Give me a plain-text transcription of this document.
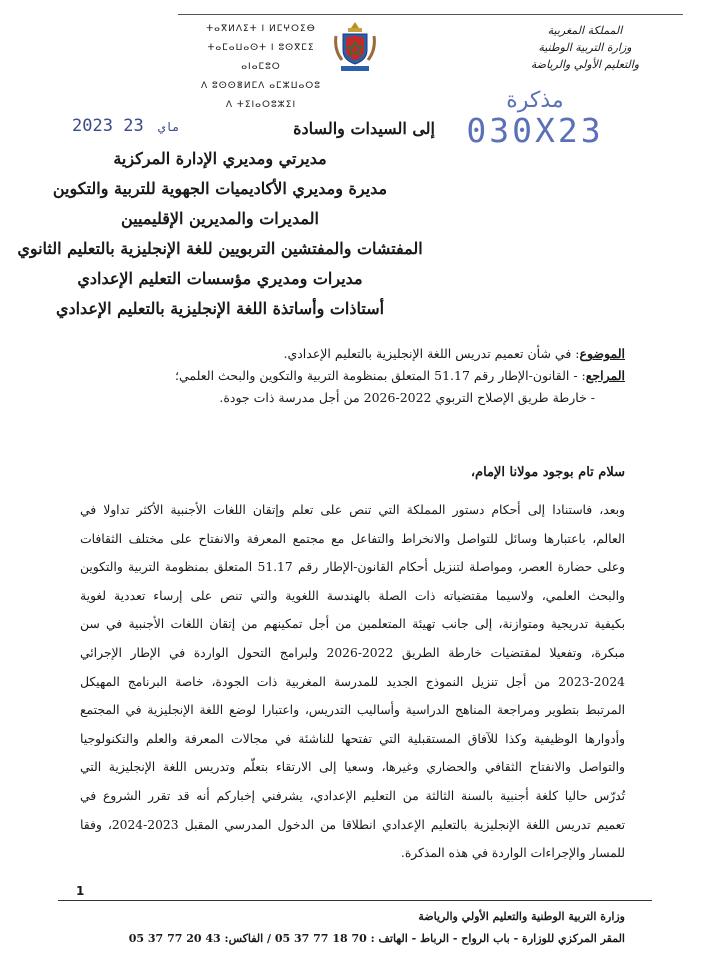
ⵜⴰⴳⵍⴷⵉⵜ ⵏ ⵍⵎⵖⵔⵉⴱ
ⵜⴰⵎⴰⵡⴰⵙⵜ ⵏ ⵓⵙⴳⵎⵉ ⴰⵏⴰⵎⵓⵔ
ⴷ ⵓⵙⵙⴻⵍⵎⴷ ⴰⵎⵣⵡⴰⵔⵓ ⴷ ⵜⵉⵏⴰⵔⵓⵣⵉⵏ
المملكة المغربية
وزارة التربية الوطنية
والتعليم الأولي والرياضة
2023	ماي 23
مذكرة
030X23
إلى السيدات والسادة
مديرتي ومديري الإدارة المركزية
مديرة ومديري الأكاديميات الجهوية للتربية والتكوين
المديرات والمديرين الإقليميين
المفتشات والمفتشين التربويين للغة الإنجليزية بالتعليم الثانوي
مديرات ومديري مؤسسات التعليم الإعدادي
أستاذات وأساتذة اللغة الإنجليزية بالتعليم الإعدادي
الموضوع: في شأن تعميم تدريس اللغة الإنجليزية بالتعليم الإعدادي.
المراجع: - القانون-الإطار رقم 51.17 المتعلق بمنظومة التربية والتكوين والبحث العلمي؛
- خارطة طريق الإصلاح التربوي 2022-2026 من أجل مدرسة ذات جودة.
سلام تام بوجود مولانا الإمام،
وبعد، فاستنادا إلى أحكام دستور المملكة التي تنص على تعلم وإتقان اللغات الأجنبية الأكثر تداولا في
العالم، باعتبارها وسائل للتواصل والانخراط والتفاعل مع مجتمع المعرفة والانفتاح على مختلف الثقافات
وعلى حضارة العصر، ومواصلة لتنزيل أحكام القانون-الإطار رقم 51.17 المتعلق بمنظومة التربية والتكوين
والبحث العلمي، ولاسيما مقتضياته ذات الصلة بالهندسة اللغوية والتي تنص على إرساء تعددية لغوية
بكيفية تدريجية ومتوازنة، إلى جانب تهيئة المتعلمين من أجل تمكينهم من إتقان اللغات الأجنبية في سن
مبكرة، وتفعيلا لمقتضيات خارطة الطريق 2022-2026 ولبرامج التحول الواردة في الإطار الإجرائي
2023-2024 من أجل تنزيل النموذج الجديد للمدرسة المغربية ذات الجودة، خاصة البرنامج المهيكل
المرتبط بتطوير ومراجعة المناهج الدراسية وأساليب التدريس، واعتبارا لوضع اللغة الإنجليزية في المجتمع
وأدوارها الوظيفية وكذا للآفاق المستقبلية التي تفتحها للناشئة في مجالات المعرفة والعلم والتكنولوجيا
والتواصل والانفتاح الثقافي والحضاري وغيرها، وسعيا إلى الارتقاء بتعلّم وتدريس اللغة الإنجليزية التي
تُدرّس حاليا كلغة أجنبية بالسنة الثالثة من التعليم الإعدادي، يشرفني إخباركم أنه قد تقرر الشروع في
تعميم تدريس اللغة الإنجليزية بالتعليم الإعدادي انطلاقا من الدخول المدرسي المقبل 2023-2024، وفقا
للمسار والإجراءات الواردة في هذه المذكرة.
1
وزارة التربية الوطنية والتعليم الأولي والرياضة
المقر المركزي للوزارة - باب الرواح - الرباط - الهاتف : 70 18 77 37 05 / الفاكس: 43 20 77 37 05
